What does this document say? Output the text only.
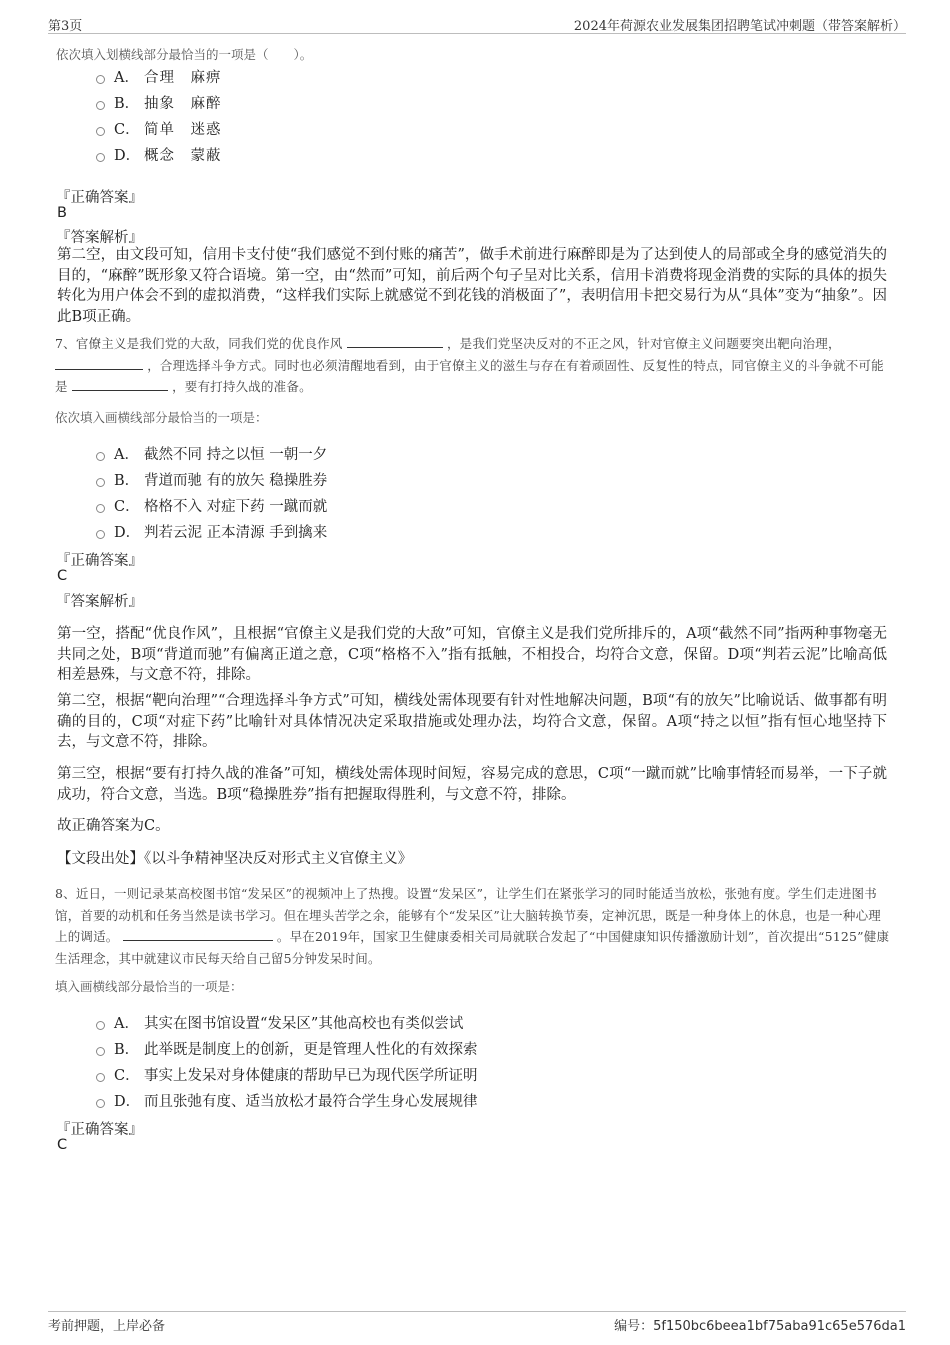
第3页	2024年荷源农业发展集团招聘笔试冲刺题（带答案解析）
依次填入划横线部分最恰当的一项是（　　）。
A． 合理　麻痹
B． 抽象　麻醉
C． 简单　迷惑
D． 概念　蒙蔽
『正确答案』
B
『答案解析』
第二空，由文段可知，信用卡支付使“我们感觉不到付账的痛苦”，做手术前进行麻醉即是为了达到使人的局部或全身的感觉消失的目的，“麻醉”既形象又符合语境。第一空，由“然而”可知，前后两个句子呈对比关系，信用卡消费将现金消费的实际的具体的损失转化为用户体会不到的虚拟消费，“这样我们实际上就感觉不到花钱的消极面了”，表明信用卡把交易行为从“具体”变为“抽象”。因此B项正确。
7、官僚主义是我们党的大敌，同我们党的优良作风	，是我们党坚决反对的不正之风，针对官僚主义问题要突出靶向治理，  ，合理选择斗争方式。同时也必须清醒地看到，由于官僚主义的滋生与存在有着顽固性、反复性的特点，同官僚主义的斗争就不可能是	，要有打持久战的准备。
依次填入画横线部分最恰当的一项是：
A． 截然不同 持之以恒 一朝一夕
B． 背道而驰 有的放矢 稳操胜券
C． 格格不入 对症下药 一蹴而就
D． 判若云泥 正本清源 手到擒来
『正确答案』
C
『答案解析』
第一空，搭配“优良作风”，且根据“官僚主义是我们党的大敌”可知，官僚主义是我们党所排斥的，A项“截然不同”指两种事物毫无共同之处，B项“背道而驰”有偏离正道之意，C项“格格不入”指有抵触，不相投合，均符合文意，保留。D项“判若云泥”比喻高低相差悬殊，与文意不符，排除。
第二空，根据“靶向治理”“合理选择斗争方式”可知，横线处需体现要有针对性地解决问题，B项“有的放矢”比喻说话、做事都有明确的目的，C项“对症下药”比喻针对具体情况决定采取措施或处理办法，均符合文意，保留。A项“持之以恒”指有恒心地坚持下去，与文意不符，排除。
第三空，根据“要有打持久战的准备”可知，横线处需体现时间短，容易完成的意思，C项“一蹴而就”比喻事情轻而易举，一下子就成功，符合文意，当选。B项“稳操胜券”指有把握取得胜利，与文意不符，排除。
故正确答案为C。
【文段出处】《以斗争精神坚决反对形式主义官僚主义》
8、近日，一则记录某高校图书馆“发呆区”的视频冲上了热搜。设置“发呆区”，让学生们在紧张学习的同时能适当放松，张弛有度。学生们走进图书馆，首要的动机和任务当然是读书学习。但在埋头苦学之余，能够有个“发呆区”让大脑转换节奏，定神沉思，既是一种身体上的休息，也是一种心理上的调适。	。早在2019年，国家卫生健康委相关司局就联合发起了“中国健康知识传播激励计划”，首次提出“5125”健康生活理念，其中就建议市民每天给自己留5分钟发呆时间。
填入画横线部分最恰当的一项是：
A． 其实在图书馆设置“发呆区”其他高校也有类似尝试
B． 此举既是制度上的创新，更是管理人性化的有效探索
C． 事实上发呆对身体健康的帮助早已为现代医学所证明
D． 而且张弛有度、适当放松才最符合学生身心发展规律
『正确答案』
C
考前押题，上岸必备	编号：5f150bc6beea1bf75aba91c65e576da1
